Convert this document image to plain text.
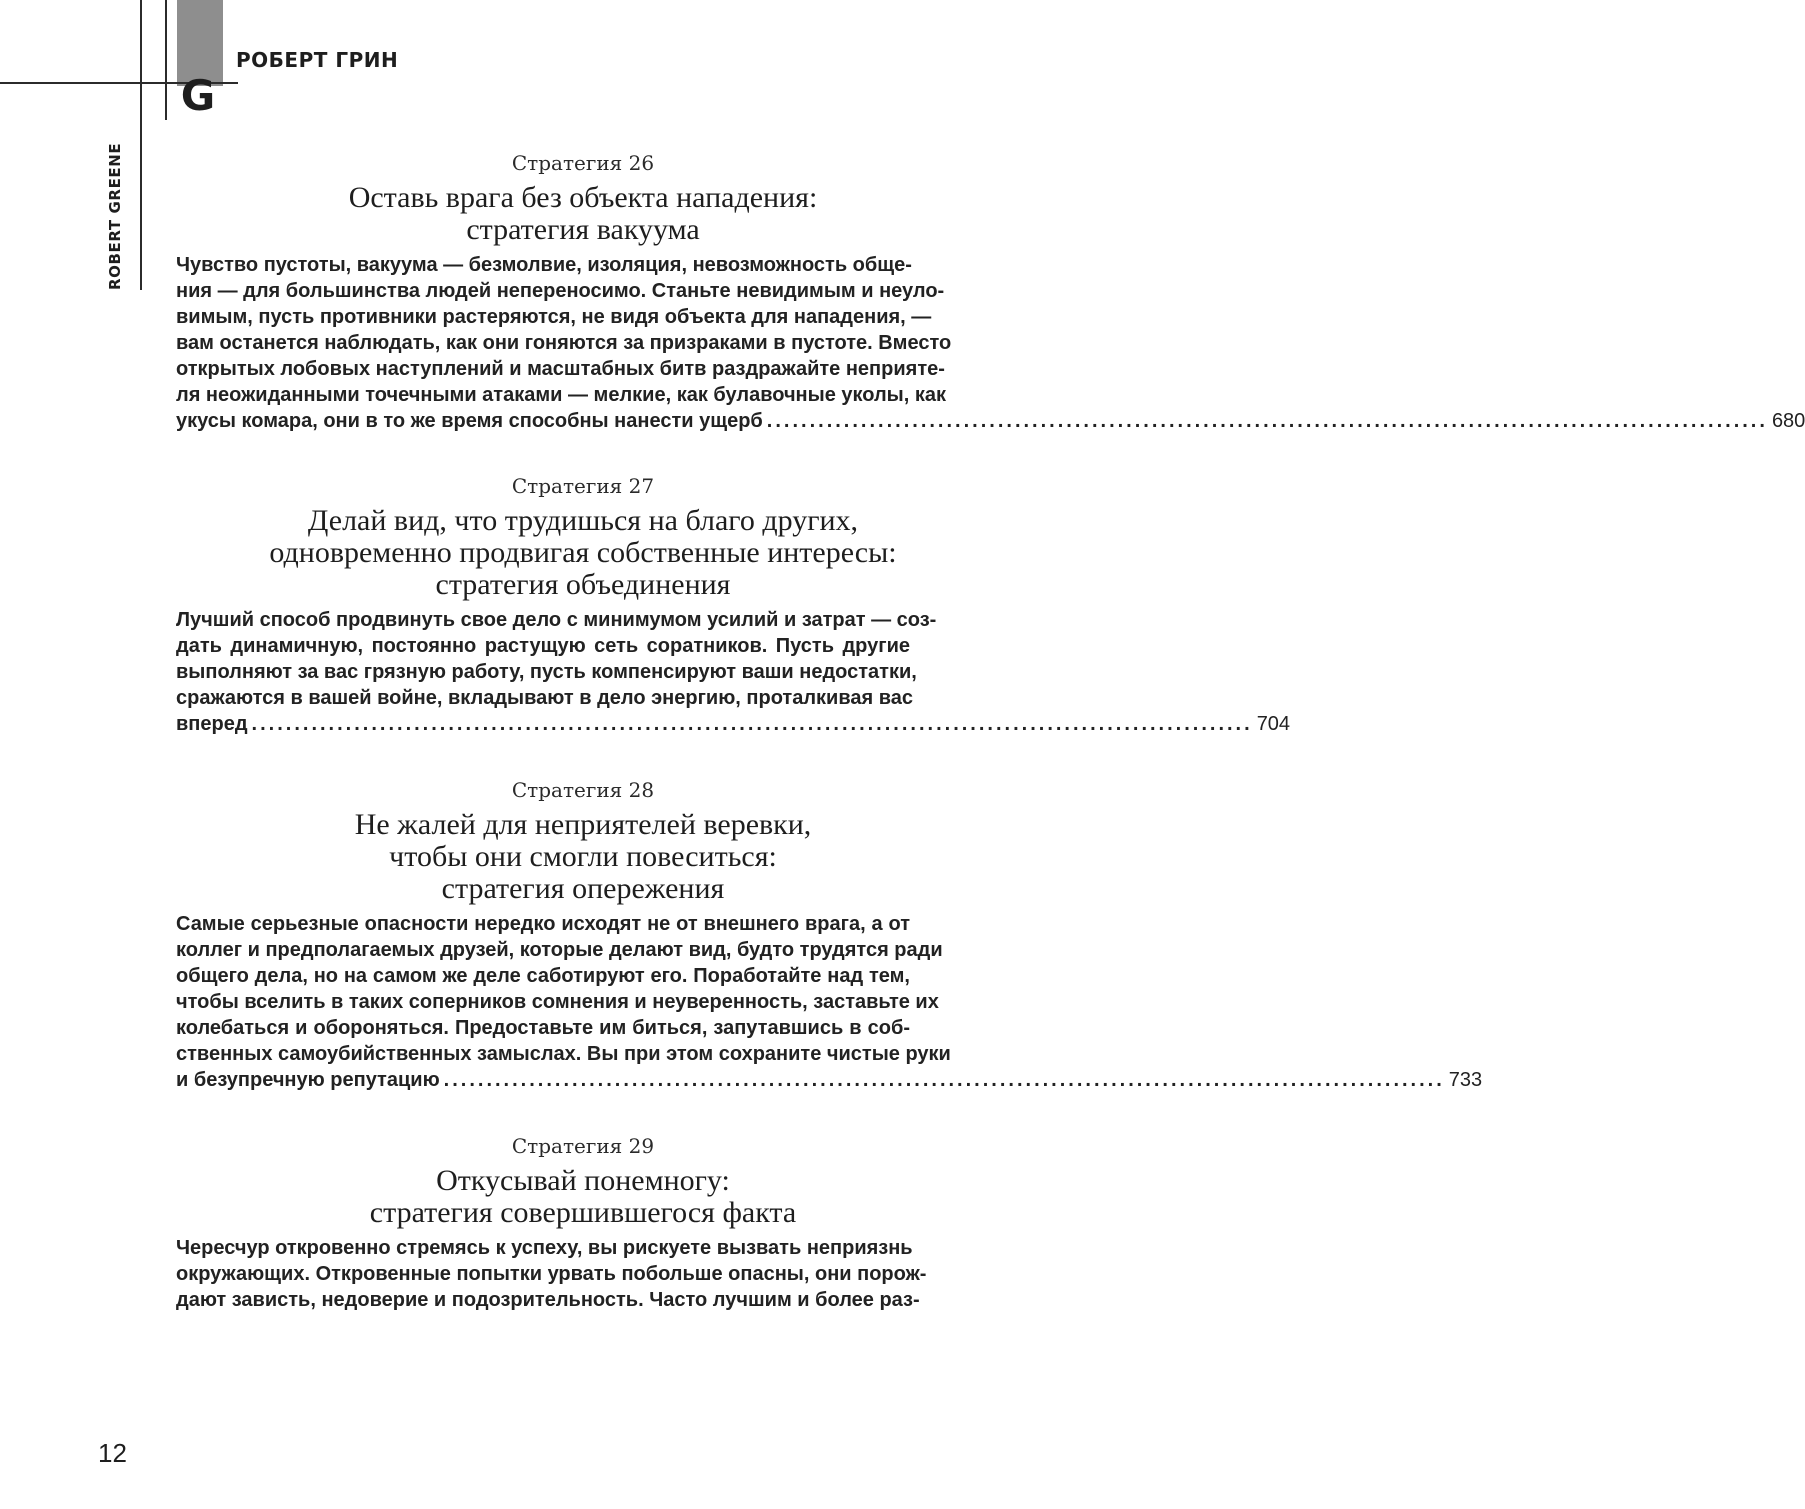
G
РОБЕРТ ГРИН
ROBERT GREENE	Стратегия 26
Оставь врага без объекта нападения:
стратегия вакуума
Чувство пустоты, вакуума — безмолвие, изоляция, невозможность обще-
ния — для большинства людей непереносимо. Станьте невидимым и неуло-
вимым, пусть противники растеряются, не видя объекта для нападения, —
вам останется наблюдать, как они гоняются за призраками в пустоте. Вместо
открытых лобовых наступлений и масштабных битв раздражайте неприяте-
ля неожиданными точечными атаками — мелкие, как булавочные уколы, как
укусы комара, они в то же время способны нанести ущерб ..................................................................................................................... 680
Стратегия 27
Делай вид, что трудишься на благо других,
одновременно продвигая собственные интересы:
стратегия объединения
Лучший способ продвинуть свое дело с минимумом усилий и затрат — соз-
дать динамичную, постоянно растущую сеть соратников. Пусть другие
выполняют за вас грязную работу, пусть компенсируют ваши недостатки,
сражаются в вашей войне, вкладывают в дело энергию, проталкивая вас
вперед ..................................................................................................................... 704
Стратегия 28
Не жалей для неприятелей веревки,
чтобы они смогли повеситься:
стратегия опережения
Самые серьезные опасности нередко исходят не от внешнего врага, а от
коллег и предполагаемых друзей, которые делают вид, будто трудятся ради
общего дела, но на самом же деле саботируют его. Поработайте над тем,
чтобы вселить в таких соперников сомнения и неуверенность, заставьте их
колебаться и обороняться. Предоставьте им биться, запутавшись в соб-
ственных самоубийственных замыслах. Вы при этом сохраните чистые руки
и безупречную репутацию ..................................................................................................................... 733
Стратегия 29
Откусывай понемногу:
стратегия совершившегося факта
Чересчур откровенно стремясь к успеху, вы рискуете вызвать неприязнь
окружающих. Откровенные попытки урвать побольше опасны, они порож-
дают зависть, недоверие и подозрительность. Часто лучшим и более раз-
12
